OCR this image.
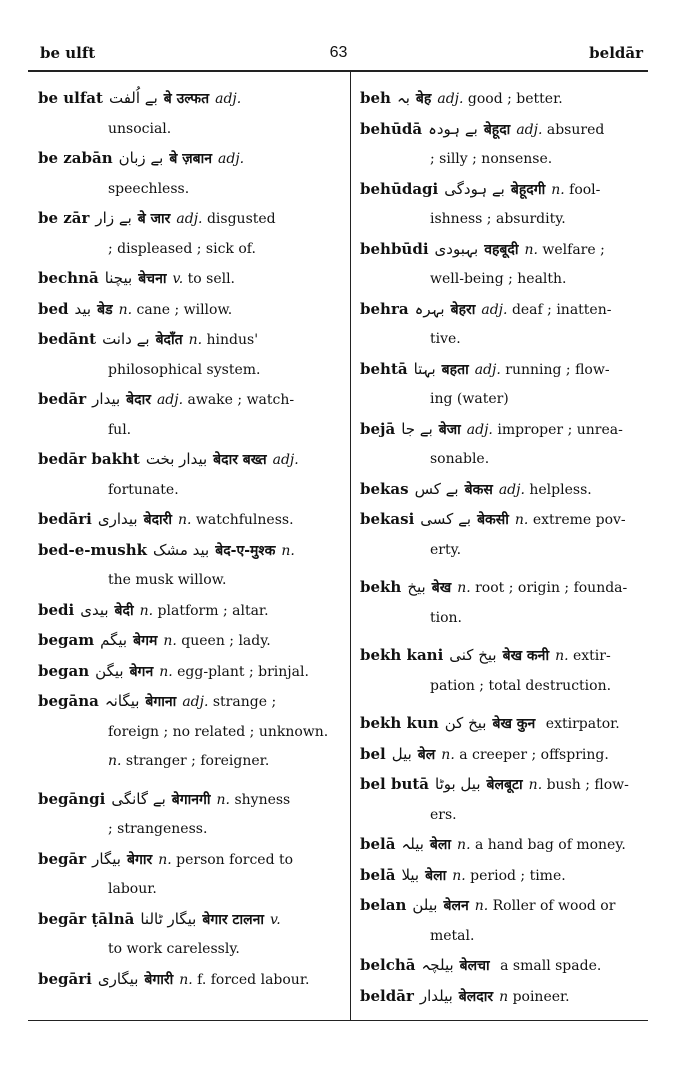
be ulft	63	beldār
be ulfat بے اُلفت बे उल्फत adj.
unsocial.
be zabān بے زبان बे ज़बान adj.
speechless.
be zār بے زار बे जार adj. disgusted
; displeased ; sick of.
bechnā بیچنا बेचना v. to sell.
bed بید बेड n. cane ; willow.
bedānt بے دانت बेदाँत n. hindus'
philosophical system.
bedār بیدار बेदार adj. awake ; watch-
ful.
bedār bakht بیدار بخت बेदार बख्त adj.
fortunate.
bedāri بیداری बेदारी n. watchfulness.
bed-e-mushk بید مشک बेद-ए-मुश्क n.
the musk willow.
bedi بیدی बेदी n. platform ; altar.
begam بیگم बेगम n. queen ; lady.
began بیگن बेगन n. egg-plant ; brinjal.
begāna بیگانہ बेगाना adj. strange ;
foreign ; no related ; unknown.
n. stranger ; foreigner.
begāngi بے گانگی बेगानगी n. shyness
; strangeness.
begār بیگار बेगार n. person forced to
labour.
begār ṭālnā بیگار ٹالنا बेगार टालना v.
to work carelessly.
begāri بیگاری बेगारी n. f. forced labour.
beh بہ बेह adj. good ; better.
behūdā بے ہودہ बेहूदा adj. absured
; silly ; nonsense.
behūdagi بے ہودگی बेहूदगी n. fool-
ishness ; absurdity.
behbūdi بہبودی वहबूदी n. welfare ;
well-being ; health.
behra بہرہ बेहरा adj. deaf ; inatten-
tive.
behtā بہتا बहता adj. running ; flow-
ing (water)
bejā بے جا बेजा adj. improper ; unrea-
sonable.
bekas بے کس बेकस adj. helpless.
bekasi بے کسی बेकसी n. extreme pov-
erty.
bekh بیخ बेख n. root ; origin ; founda-
tion.
bekh kani بیخ کنی बेख कनी n. extir-
pation ; total destruction.
bekh kun بیخ کن बेख कुन extirpator.
bel بیل बेल n. a creeper ; offspring.
bel butā بیل بوٹا बेलबूटा n. bush ; flow-
ers.
belā بیلہ बेला n. a hand bag of money.
belā بیلا बेला n. period ; time.
belan بیلن बेलन n. Roller of wood or
metal.
belchā بیلچہ बेलचा a small spade.
beldār بیلدار बेलदार n poineer.
